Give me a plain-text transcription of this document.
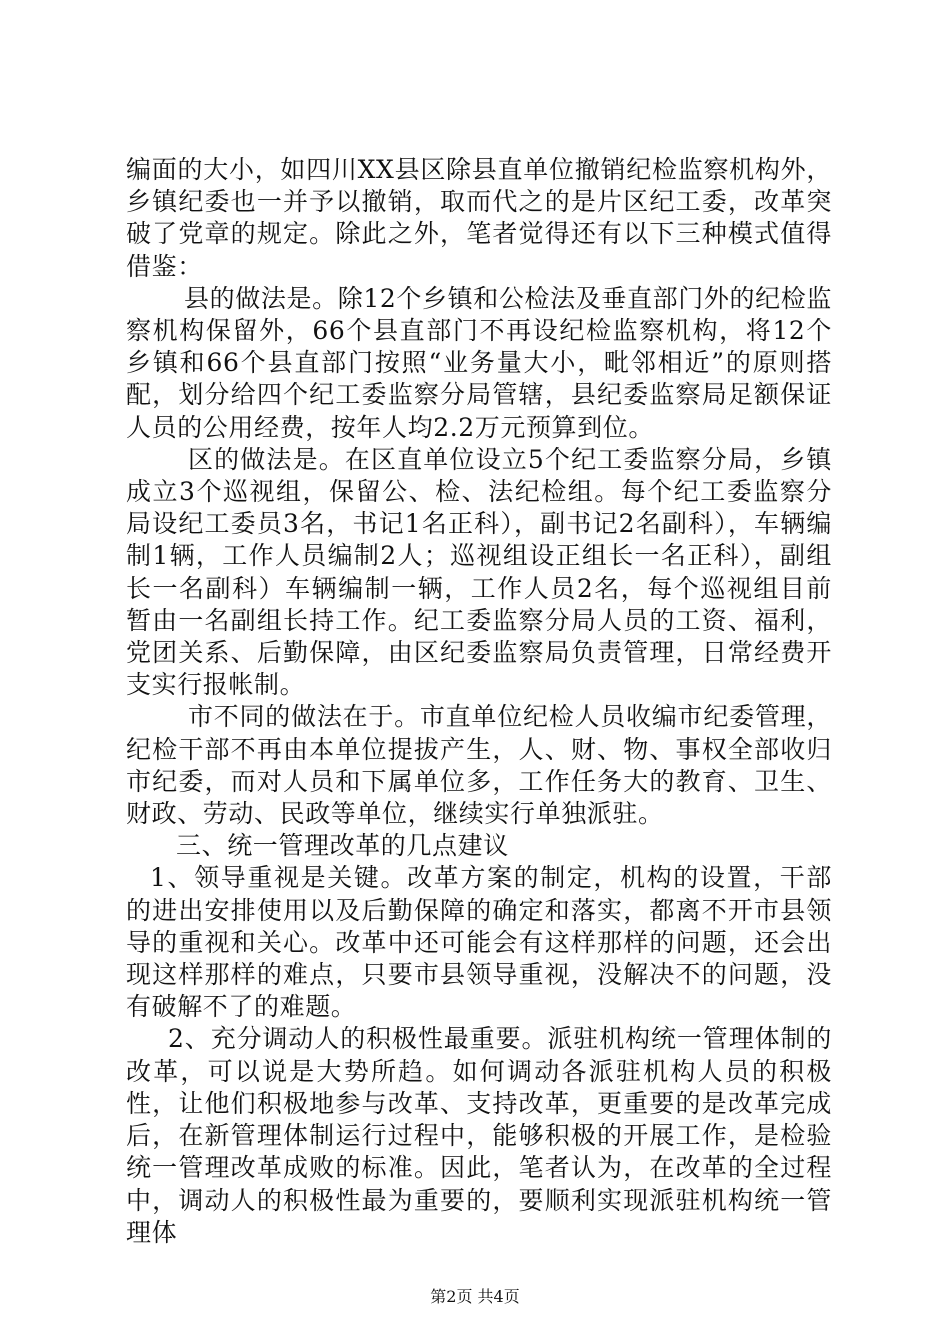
编面的大小，如四川XX县区除县直单位撤销纪检监察机构外，乡镇纪委也一并予以撤销，取而代之的是片区纪工委，改革突破了党章的规定。除此之外，笔者觉得还有以下三种模式值得借鉴：

县的做法是。除12个乡镇和公检法及垂直部门外的纪检监察机构保留外，66个县直部门不再设纪检监察机构，将12个乡镇和66个县直部门按照“业务量大小，毗邻相近”的原则搭配，划分给四个纪工委监察分局管辖，县纪委监察局足额保证人员的公用经费，按年人均2.2万元预算到位。

区的做法是。在区直单位设立5个纪工委监察分局，乡镇成立3个巡视组，保留公、检、法纪检组。每个纪工委监察分局设纪工委员3名，书记1名正科），副书记2名副科），车辆编制1辆，工作人员编制2人；巡视组设正组长一名正科），副组长一名副科）车辆编制一辆，工作人员2名，每个巡视组目前暂由一名副组长持工作。纪工委监察分局人员的工资、福利，党团关系、后勤保障，由区纪委监察局负责管理，日常经费开支实行报帐制。

市不同的做法在于。市直单位纪检人员收编市纪委管理，纪检干部不再由本单位提拔产生，人、财、物、事权全部收归市纪委，而对人员和下属单位多，工作任务大的教育、卫生、财政、劳动、民政等单位，继续实行单独派驻。

三、统一管理改革的几点建议

1、领导重视是关键。改革方案的制定，机构的设置，干部的进出安排使用以及后勤保障的确定和落实，都离不开市县领导的重视和关心。改革中还可能会有这样那样的问题，还会出现这样那样的难点，只要市县领导重视，没解决不的问题，没有破解不了的难题。

2、充分调动人的积极性最重要。派驻机构统一管理体制的改革，可以说是大势所趋。如何调动各派驻机构人员的积极性，让他们积极地参与改革、支持改革，更重要的是改革完成后，在新管理体制运行过程中，能够积极的开展工作，是检验统一管理改革成败的标准。因此，笔者认为，在改革的全过程中，调动人的积极性最为重要的，要顺利实现派驻机构统一管理体

第2页 共4页
